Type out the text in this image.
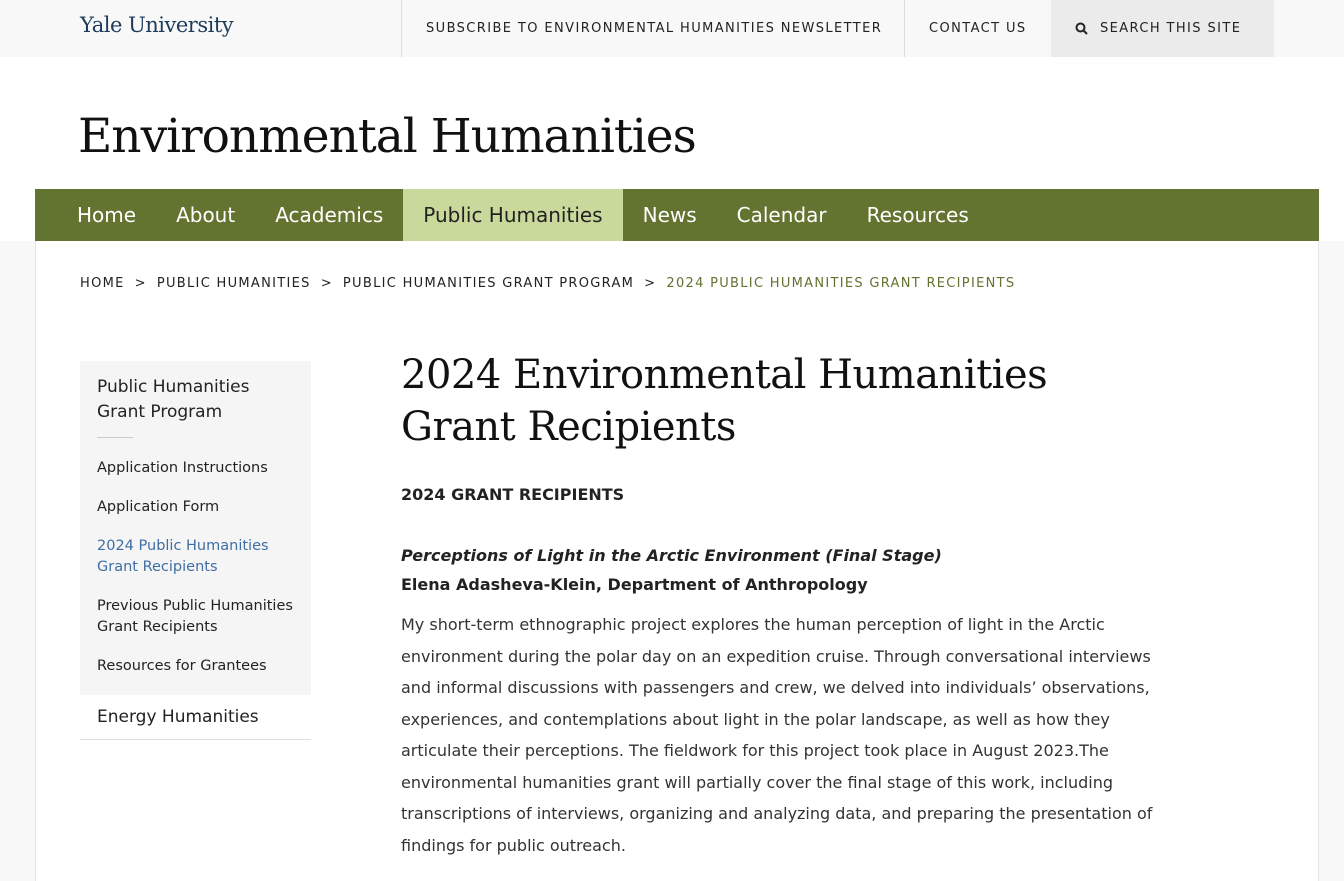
Yale University	SUBSCRIBE TO ENVIRONMENTAL HUMANITIES NEWSLETTER	CONTACT US	SEARCH THIS SITE
Environmental Humanities
Home	About	Academics	Public Humanities	News	Calendar	Resources
HOME > PUBLIC HUMANITIES > PUBLIC HUMANITIES GRANT PROGRAM > 2024 PUBLIC HUMANITIES GRANT RECIPIENTS
Public Humanities Grant Program
Application Instructions
Application Form
2024 Public Humanities Grant Recipients
Previous Public Humanities Grant Recipients
Resources for Grantees
Energy Humanities
2024 Environmental Humanities Grant Recipients
2024 GRANT RECIPIENTS
Perceptions of Light in the Arctic Environment (Final Stage)
Elena Adasheva-Klein, Department of Anthropology

My short-term ethnographic project explores the human perception of light in the Arctic environment during the polar day on an expedition cruise. Through conversational interviews and informal discussions with passengers and crew, we delved into individuals’ observations, experiences, and contemplations about light in the polar landscape, as well as how they articulate their perceptions. The fieldwork for this project took place in August 2023.The environmental humanities grant will partially cover the final stage of this work, including transcriptions of interviews, organizing and analyzing data, and preparing the presentation of findings for public outreach.
